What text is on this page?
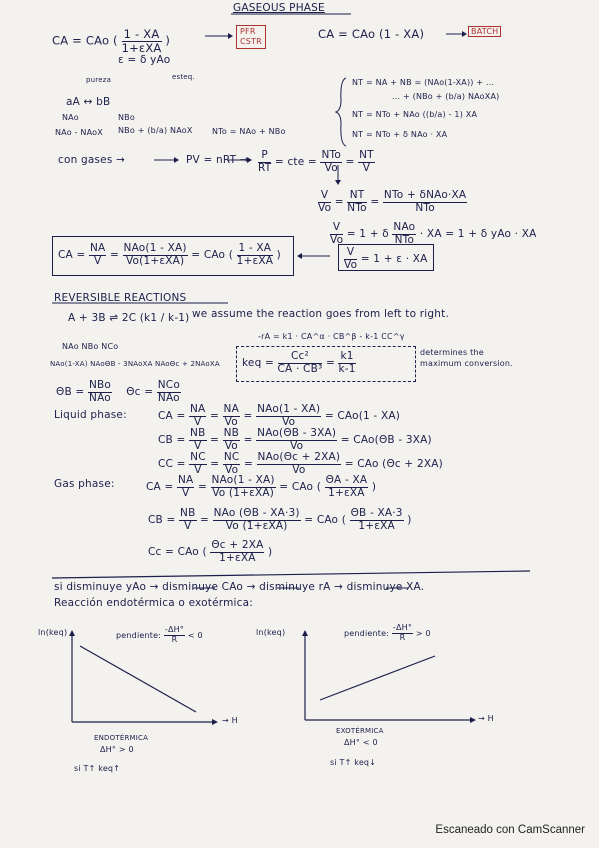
GASEOUS PHASE
CA = CAo ( $\frac{1 - XA}{\text{1+εXA}}$ )
PFR
CSTR
CA = CAo (1 - XA)	BATCH
ε = δ yAo
pureza	esteq.
aA ↔ bB
NAo	NBo
NAo - NAoX NBo + (b/a) NAoX NTo = NAo + NBo
NT = NA + NB = (NAo(1-XA)) + ...
... + (NBo + (b/a) NAoXA)
NT = NTo + NAo ((b/a) - 1) XA
NT = NTo + δ NAo · XA
con gases →	PV = nRT → $\frac{P}{RT}$ = cte = $\frac{\text{NTo}}{Vo} = \frac{NT}{V}$
$\frac{V}{Vo} = \frac{NT}{\text{NTo}} = \frac{\text{NTo + δNAo·XA}}{\text{NTo}}$
$\frac{V}{Vo} = 1 + \delta \frac{\text{NAo}}{\text{NTo}}$ · XA = 1 + δ yAo · XA
$\frac{V}{Vo} = 1 + \varepsilon$ · XA
CA = $\frac{NA}{V} = \frac{\text{NAo(1 - XA)}}{\text{Vo(1+εXA)}}$ = CAo ( $\frac{1 - XA}{\text{1+εXA}}$ )
REVERSIBLE REACTIONS
A + 3B ⇌ 2C (k1 / k-1) we assume the reaction goes from left to right.
NAo NBo NCo
NAo(1-XA) NAoΘB - 3NAoXA NAoΘc + 2NAoXA
-rA = k1 · CA^α · CB^β - k-1 CC^γ
keq = $\frac{\text{Cc²}}{\text{CA · CB³}} = \frac{k1}{k-1}$	determines the
maximum conversion.
$\Theta B = \frac{\text{NBo}}{\text{NAo}}$ $\Theta c = \frac{\text{NCo}}{\text{NAo}}$
Liquid phase:	CA = $\frac{NA}{V} = \frac{NA}{Vo} = \frac{\text{NAo(1 - XA)}}{Vo} = CAo(1 - XA)$
CB = $\frac{NB}{V} = \frac{NB}{Vo} = \frac{\text{NAo(ΘB - 3XA)}}{Vo} = CAo(\Theta B - 3XA)$
CC = $\frac{NC}{V} = \frac{NC}{Vo} = \frac{\text{NAo(Θc + 2XA)}}{Vo}$ = CAo (Θc + 2XA)
Gas phase:	CA = $\frac{NA}{V} = \frac{\text{NAo(1 - XA)}}{\text{Vo (1+εXA)}}$ = CAo ( $\frac{\Theta A - XA}{\text{1+εXA}}$ )
CB = $\frac{NB}{V} = \frac{\text{NAo (ΘB - XA·3)}}{\text{Vo (1+εXA)}}$ = CAo ( $\frac{\Theta B - XA\cdot 3}{\text{1+εXA}}$ )
Cc = CAo ( $\frac{\Theta c + 2XA}{\text{1+εXA}}$ )
si disminuye yAo → disminuye CAo → disminuye rA → disminuye XA.
Reacción endotérmica o exotérmica:
ln(keq)	pendiente: $\frac{-\Delta H^\circ}{R} < 0$
→ H
ENDOTÉRMICA
ΔH° > 0
si T↑ keq↑
ln(keq)	pendiente: $\frac{-\Delta H^\circ}{R} > 0$
→ H
EXOTÉRMICA
ΔH° < 0
si T↑ keq↓
Escaneado con CamScanner
